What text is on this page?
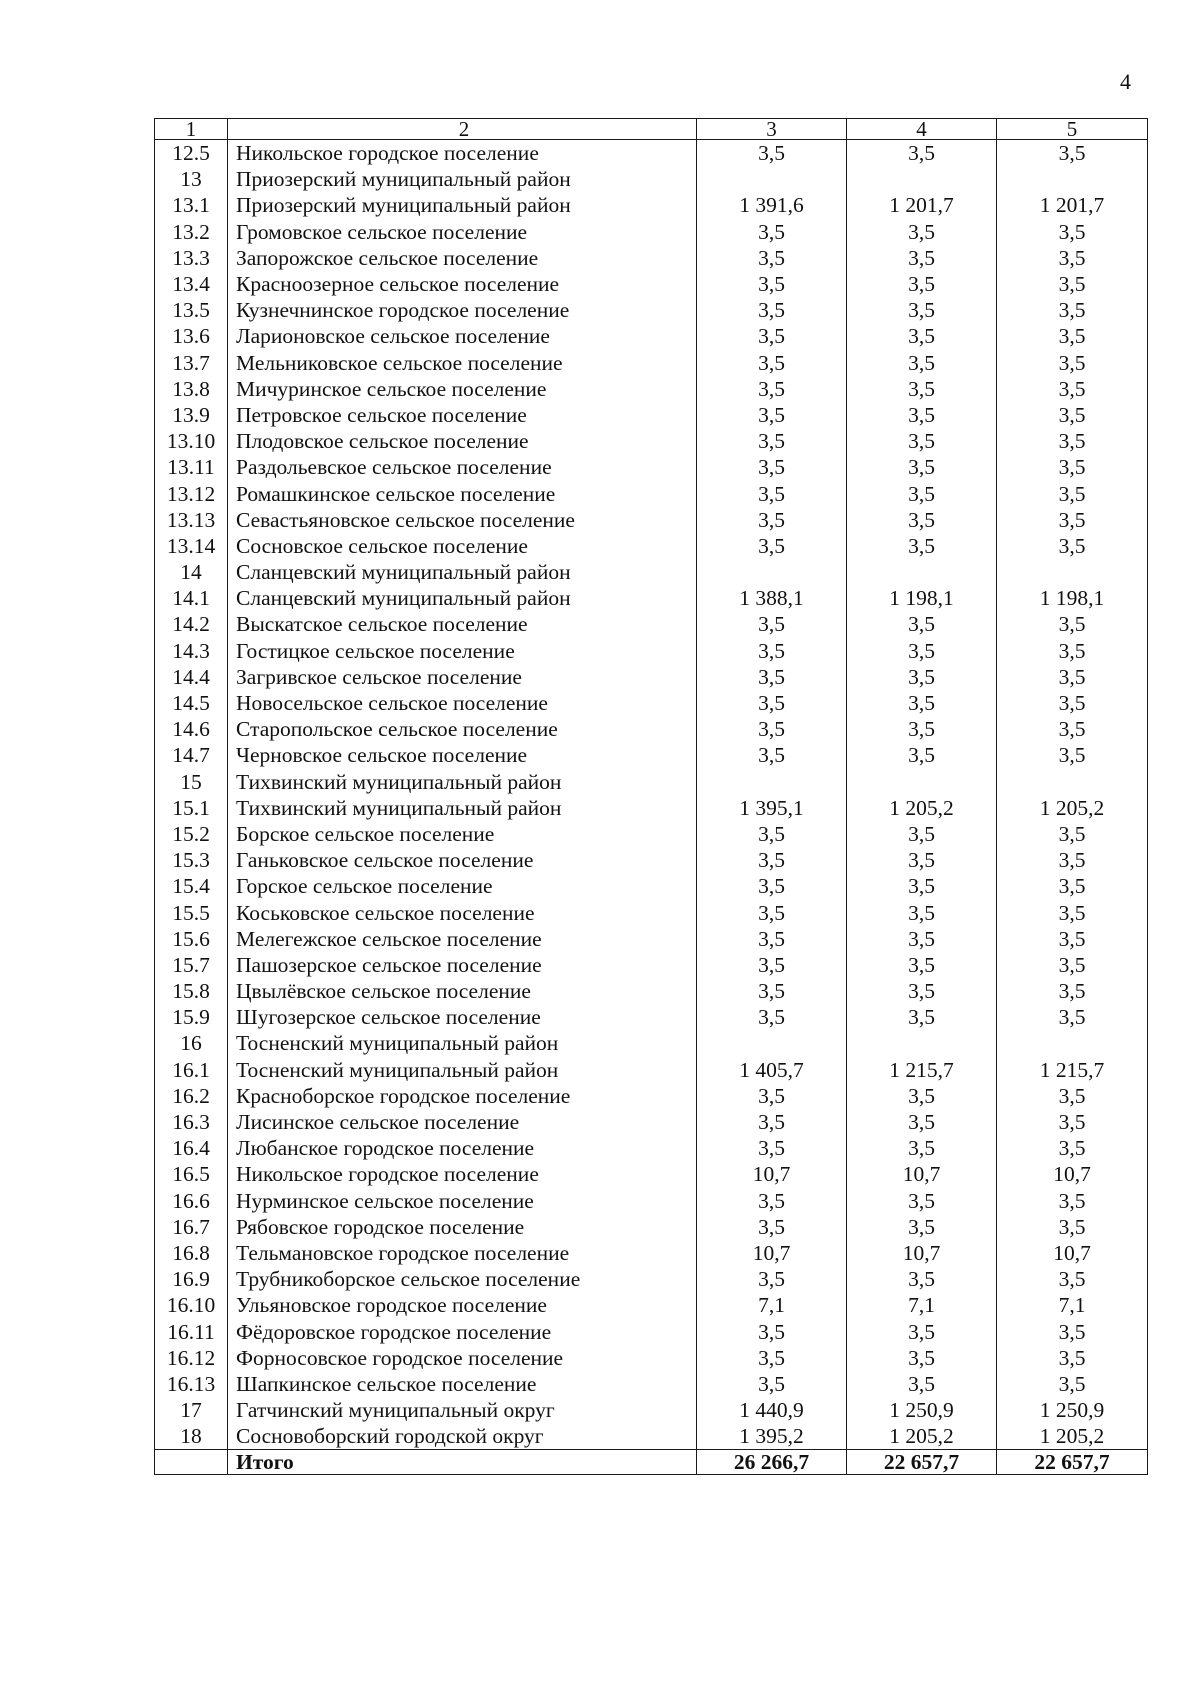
4
1	2	3	4	5
12.5	Никольское городское поселение	3,5	3,5	3,5
13	Приозерский муниципальный район			
13.1	Приозерский муниципальный район	1 391,6	1 201,7	1 201,7
13.2	Громовское сельское поселение	3,5	3,5	3,5
13.3	Запорожское сельское поселение	3,5	3,5	3,5
13.4	Красноозерное сельское поселение	3,5	3,5	3,5
13.5	Кузнечнинское городское поселение	3,5	3,5	3,5
13.6	Ларионовское сельское поселение	3,5	3,5	3,5
13.7	Мельниковское сельское поселение	3,5	3,5	3,5
13.8	Мичуринское сельское поселение	3,5	3,5	3,5
13.9	Петровское сельское поселение	3,5	3,5	3,5
13.10	Плодовское сельское поселение	3,5	3,5	3,5
13.11	Раздольевское сельское поселение	3,5	3,5	3,5
13.12	Ромашкинское сельское поселение	3,5	3,5	3,5
13.13	Севастьяновское сельское поселение	3,5	3,5	3,5
13.14	Сосновское сельское поселение	3,5	3,5	3,5
14	Сланцевский муниципальный район			
14.1	Сланцевский муниципальный район	1 388,1	1 198,1	1 198,1
14.2	Выскатское сельское поселение	3,5	3,5	3,5
14.3	Гостицкое сельское поселение	3,5	3,5	3,5
14.4	Загривское сельское поселение	3,5	3,5	3,5
14.5	Новосельское сельское поселение	3,5	3,5	3,5
14.6	Старопольское сельское поселение	3,5	3,5	3,5
14.7	Черновское сельское поселение	3,5	3,5	3,5
15	Тихвинский муниципальный район			
15.1	Тихвинский муниципальный район	1 395,1	1 205,2	1 205,2
15.2	Борское сельское поселение	3,5	3,5	3,5
15.3	Ганьковское сельское поселение	3,5	3,5	3,5
15.4	Горское сельское поселение	3,5	3,5	3,5
15.5	Коськовское сельское поселение	3,5	3,5	3,5
15.6	Мелегежское сельское поселение	3,5	3,5	3,5
15.7	Пашозерское сельское поселение	3,5	3,5	3,5
15.8	Цвылёвское сельское поселение	3,5	3,5	3,5
15.9	Шугозерское сельское поселение	3,5	3,5	3,5
16	Тосненский муниципальный район			
16.1	Тосненский муниципальный район	1 405,7	1 215,7	1 215,7
16.2	Красноборское городское поселение	3,5	3,5	3,5
16.3	Лисинское сельское поселение	3,5	3,5	3,5
16.4	Любанское городское поселение	3,5	3,5	3,5
16.5	Никольское городское поселение	10,7	10,7	10,7
16.6	Нурминское сельское поселение	3,5	3,5	3,5
16.7	Рябовское городское поселение	3,5	3,5	3,5
16.8	Тельмановское городское поселение	10,7	10,7	10,7
16.9	Трубникоборское сельское поселение	3,5	3,5	3,5
16.10	Ульяновское городское поселение	7,1	7,1	7,1
16.11	Фёдоровское городское поселение	3,5	3,5	3,5
16.12	Форносовское городское поселение	3,5	3,5	3,5
16.13	Шапкинское сельское поселение	3,5	3,5	3,5
17	Гатчинский муниципальный округ	1 440,9	1 250,9	1 250,9
18	Сосновоборский городской округ	1 395,2	1 205,2	1 205,2
	Итого	26 266,7	22 657,7	22 657,7
